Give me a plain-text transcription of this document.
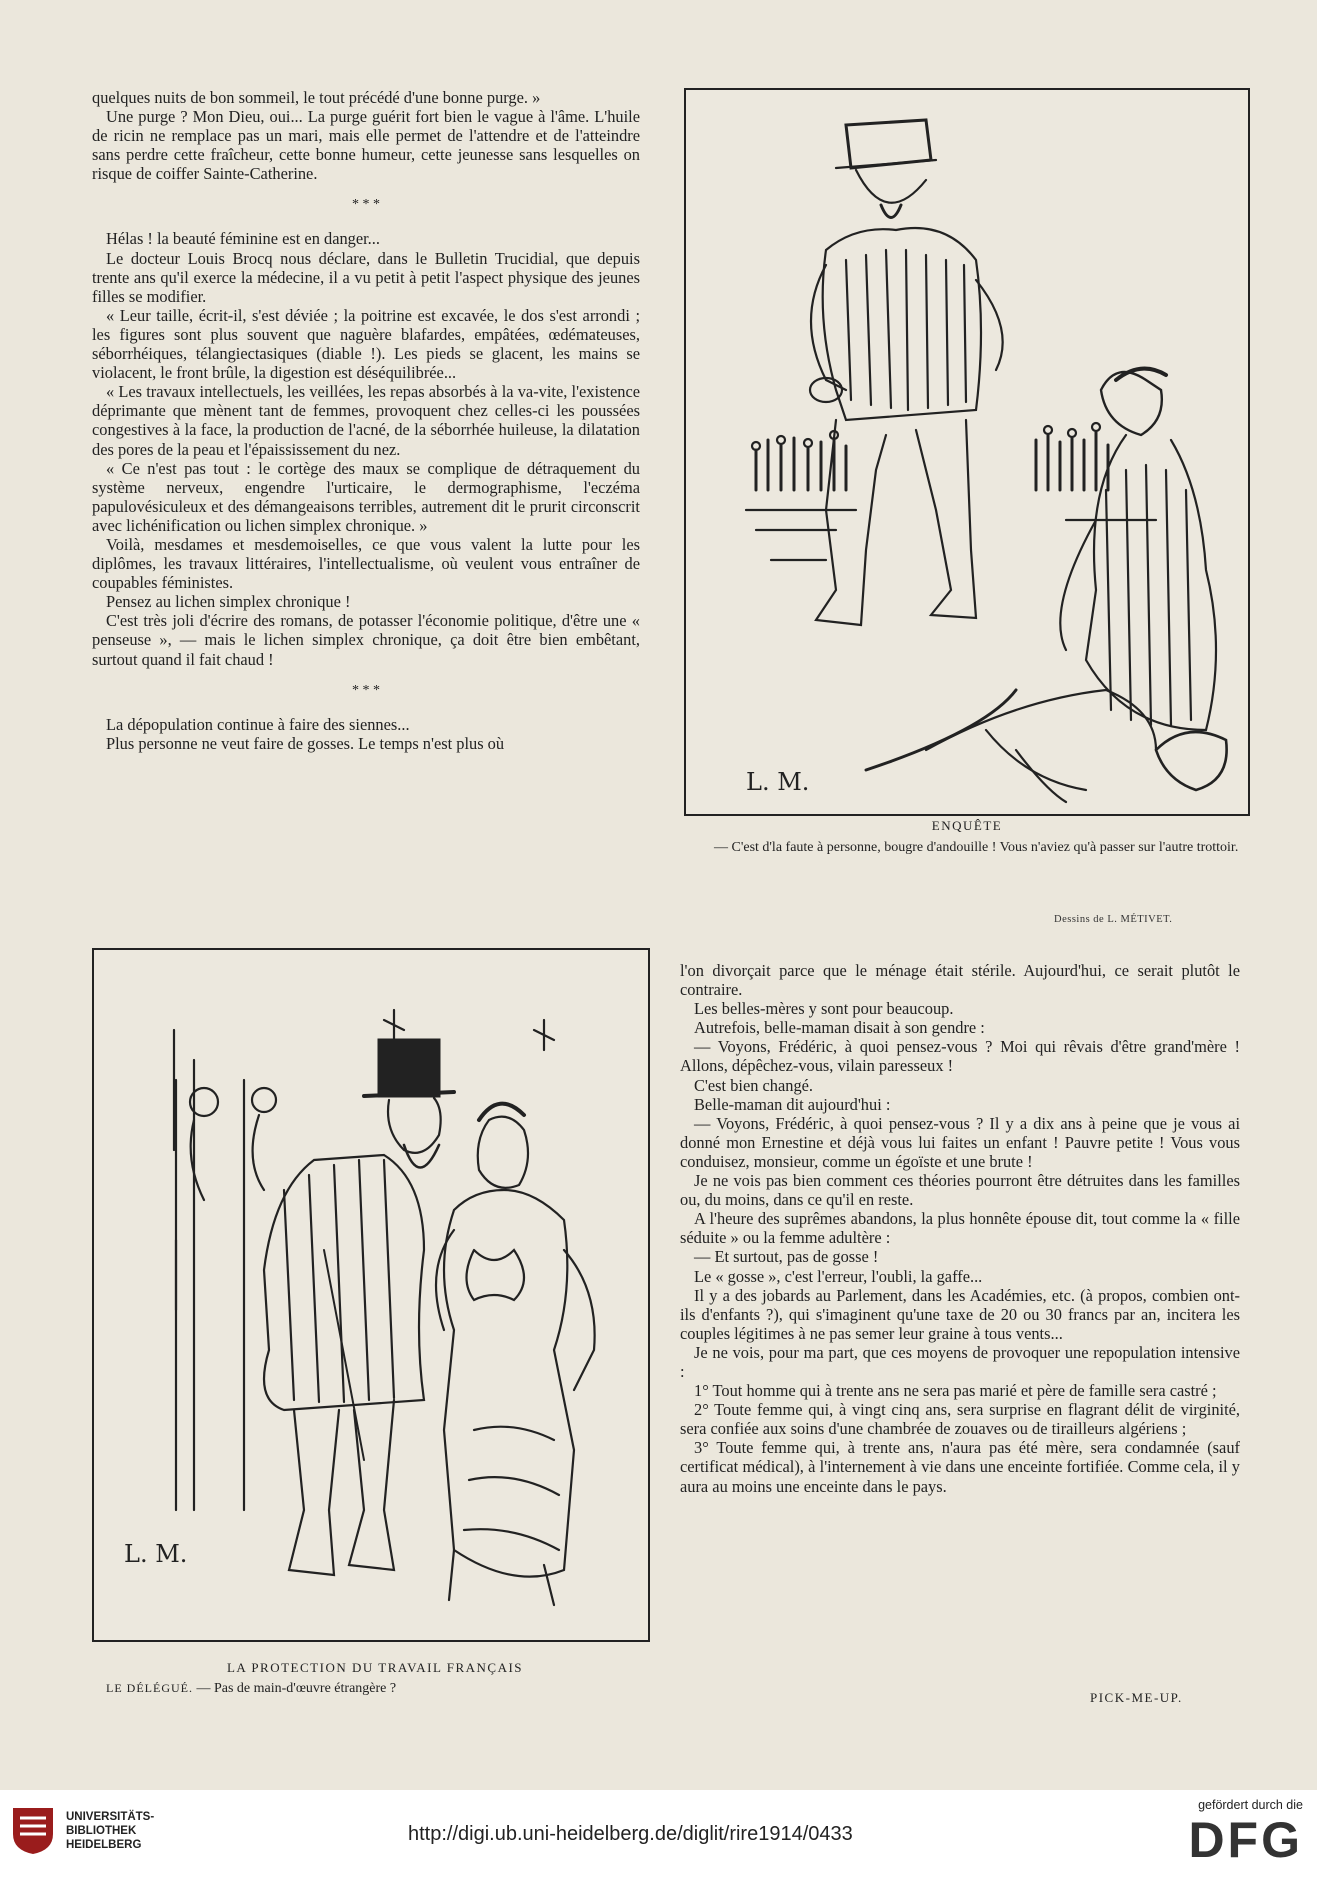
quelques nuits de bon sommeil, le tout précédé d'une bonne purge. »

Une purge ? Mon Dieu, oui... La purge guérit fort bien le vague à l'âme. L'huile de ricin ne remplace pas un mari, mais elle permet de l'attendre et de l'atteindre sans perdre cette fraîcheur, cette bonne humeur, cette jeunesse sans lesquelles on risque de coiffer Sainte-Catherine.

* * *

Hélas ! la beauté féminine est en danger...

Le docteur Louis Brocq nous déclare, dans le Bulletin Trucidial, que depuis trente ans qu'il exerce la médecine, il a vu petit à petit l'aspect physique des jeunes filles se modifier.

« Leur taille, écrit-il, s'est déviée ; la poitrine est excavée, le dos s'est arrondi ; les figures sont plus souvent que naguère blafardes, empâtées, œdémateuses, séborrhéiques, télangiectasiques (diable !). Les pieds se glacent, les mains se violacent, le front brûle, la digestion est déséquilibrée...

« Les travaux intellectuels, les veillées, les repas absorbés à la va-vite, l'existence déprimante que mènent tant de femmes, provoquent chez celles-ci les poussées congestives à la face, la production de l'acné, de la séborrhée huileuse, la dilatation des pores de la peau et l'épaississement du nez.

« Ce n'est pas tout : le cortège des maux se complique de détraquement du système nerveux, engendre l'urticaire, le dermographisme, l'eczéma papulovésiculeux et des démangeaisons terribles, autrement dit le prurit circonscrit avec lichénification ou lichen simplex chronique. »

Voilà, mesdames et mesdemoiselles, ce que vous valent la lutte pour les diplômes, les travaux littéraires, l'intellectualisme, où veulent vous entraîner de coupables féministes.

Pensez au lichen simplex chronique !

C'est très joli d'écrire des romans, de potasser l'économie politique, d'être une « penseuse », — mais le lichen simplex chronique, ça doit être bien embêtant, surtout quand il fait chaud !

* * *

La dépopulation continue à faire des siennes...

Plus personne ne veut faire de gosses. Le temps n'est plus où

L. M.
ENQUÊTE
— C'est d'la faute à personne, bougre d'andouille ! Vous n'aviez qu'à passer sur l'autre trottoir.
Dessins de L. MÉTIVET.
L. M.
LA PROTECTION DU TRAVAIL FRANÇAIS
LE DÉLÉGUÉ. — Pas de main-d'œuvre étrangère ?

l'on divorçait parce que le ménage était stérile. Aujourd'hui, ce serait plutôt le contraire.

Les belles-mères y sont pour beaucoup.

Autrefois, belle-maman disait à son gendre :

— Voyons, Frédéric, à quoi pensez-vous ? Moi qui rêvais d'être grand'mère ! Allons, dépêchez-vous, vilain paresseux !

C'est bien changé.

Belle-maman dit aujourd'hui :

— Voyons, Frédéric, à quoi pensez-vous ? Il y a dix ans à peine que je vous ai donné mon Ernestine et déjà vous lui faites un enfant ! Pauvre petite ! Vous vous conduisez, monsieur, comme un égoïste et une brute !

Je ne vois pas bien comment ces théories pourront être détruites dans les familles ou, du moins, dans ce qu'il en reste.

A l'heure des suprêmes abandons, la plus honnête épouse dit, tout comme la « fille séduite » ou la femme adultère :

— Et surtout, pas de gosse !

Le « gosse », c'est l'erreur, l'oubli, la gaffe...

Il y a des jobards au Parlement, dans les Académies, etc. (à propos, combien ont-ils d'enfants ?), qui s'imaginent qu'une taxe de 20 ou 30 francs par an, incitera les couples légitimes à ne pas semer leur graine à tous vents...

Je ne vois, pour ma part, que ces moyens de provoquer une repopulation intensive :

1° Tout homme qui à trente ans ne sera pas marié et père de famille sera castré ;

2° Toute femme qui, à vingt cinq ans, sera surprise en flagrant délit de virginité, sera confiée aux soins d'une chambrée de zouaves ou de tirailleurs algériens ;

3° Toute femme qui, à trente ans, n'aura pas été mère, sera condamnée (sauf certificat médical), à l'internement à vie dans une enceinte fortifiée. Comme cela, il y aura au moins une enceinte dans le pays.

PICK-ME-UP.
UNIVERSITÄTS-
BIBLIOTHEK
HEIDELBERG	http://digi.ub.uni-heidelberg.de/diglit/rire1914/0433
gefördert durch die
DFG
